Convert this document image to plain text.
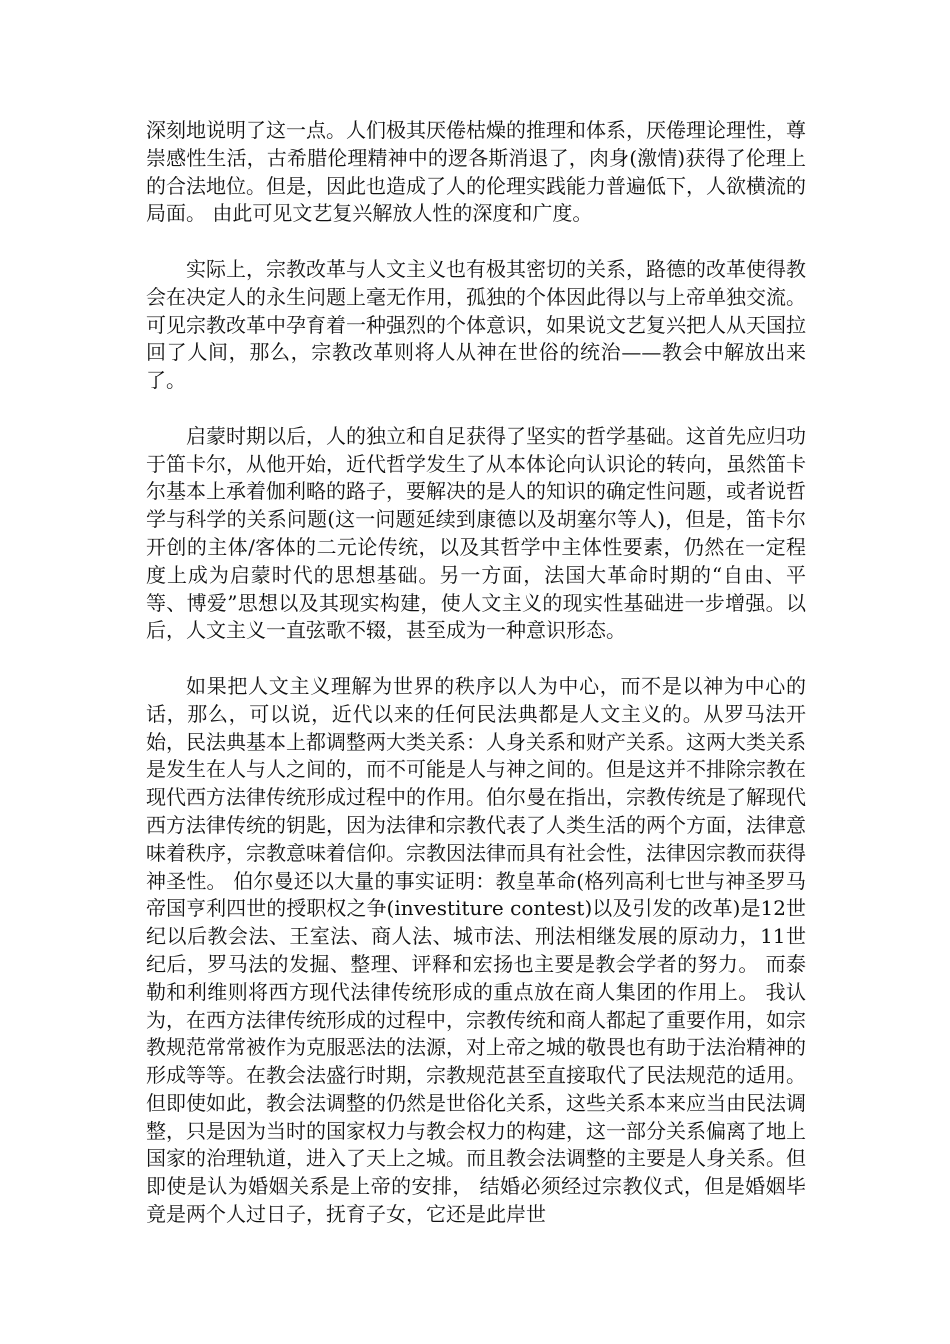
深刻地说明了这一点。人们极其厌倦枯燥的推理和体系，厌倦理论理性，尊崇感性生活，古希腊伦理精神中的逻各斯消退了，肉身(激情)获得了伦理上的合法地位。但是，因此也造成了人的伦理实践能力普遍低下，人欲横流的局面。 由此可见文艺复兴解放人性的深度和广度。

实际上，宗教改革与人文主义也有极其密切的关系，路德的改革使得教会在决定人的永生问题上毫无作用，孤独的个体因此得以与上帝单独交流。可见宗教改革中孕育着一种强烈的个体意识，如果说文艺复兴把人从天国拉回了人间，那么，宗教改革则将人从神在世俗的统治——教会中解放出来了。

启蒙时期以后，人的独立和自足获得了坚实的哲学基础。这首先应归功于笛卡尔，从他开始，近代哲学发生了从本体论向认识论的转向，虽然笛卡尔基本上承着伽利略的路子，要解决的是人的知识的确定性问题，或者说哲学与科学的关系问题(这一问题延续到康德以及胡塞尔等人)，但是，笛卡尔开创的主体/客体的二元论传统，以及其哲学中主体性要素，仍然在一定程度上成为启蒙时代的思想基础。另一方面，法国大革命时期的“自由、平等、博爱”思想以及其现实构建，使人文主义的现实性基础进一步增强。以后，人文主义一直弦歌不辍，甚至成为一种意识形态。

如果把人文主义理解为世界的秩序以人为中心，而不是以神为中心的话，那么，可以说，近代以来的任何民法典都是人文主义的。从罗马法开始，民法典基本上都调整两大类关系：人身关系和财产关系。这两大类关系是发生在人与人之间的，而不可能是人与神之间的。但是这并不排除宗教在现代西方法律传统形成过程中的作用。伯尔曼在指出，宗教传统是了解现代西方法律传统的钥匙，因为法律和宗教代表了人类生活的两个方面，法律意味着秩序，宗教意味着信仰。宗教因法律而具有社会性，法律因宗教而获得神圣性。 伯尔曼还以大量的事实证明：教皇革命(格列高利七世与神圣罗马帝国亨利四世的授职权之争(investiture contest)以及引发的改革)是12世纪以后教会法、王室法、商人法、城市法、刑法相继发展的原动力，11世纪后，罗马法的发掘、整理、评释和宏扬也主要是教会学者的努力。 而泰勒和利维则将西方现代法律传统形成的重点放在商人集团的作用上。 我认为，在西方法律传统形成的过程中，宗教传统和商人都起了重要作用，如宗教规范常常被作为克服恶法的法源，对上帝之城的敬畏也有助于法治精神的形成等等。在教会法盛行时期，宗教规范甚至直接取代了民法规范的适用。但即使如此，教会法调整的仍然是世俗化关系，这些关系本来应当由民法调整，只是因为当时的国家权力与教会权力的构建，这一部分关系偏离了地上国家的治理轨道，进入了天上之城。而且教会法调整的主要是人身关系。但即使是认为婚姻关系是上帝的安排， 结婚必须经过宗教仪式，但是婚姻毕竟是两个人过日子，抚育子女，它还是此岸世
